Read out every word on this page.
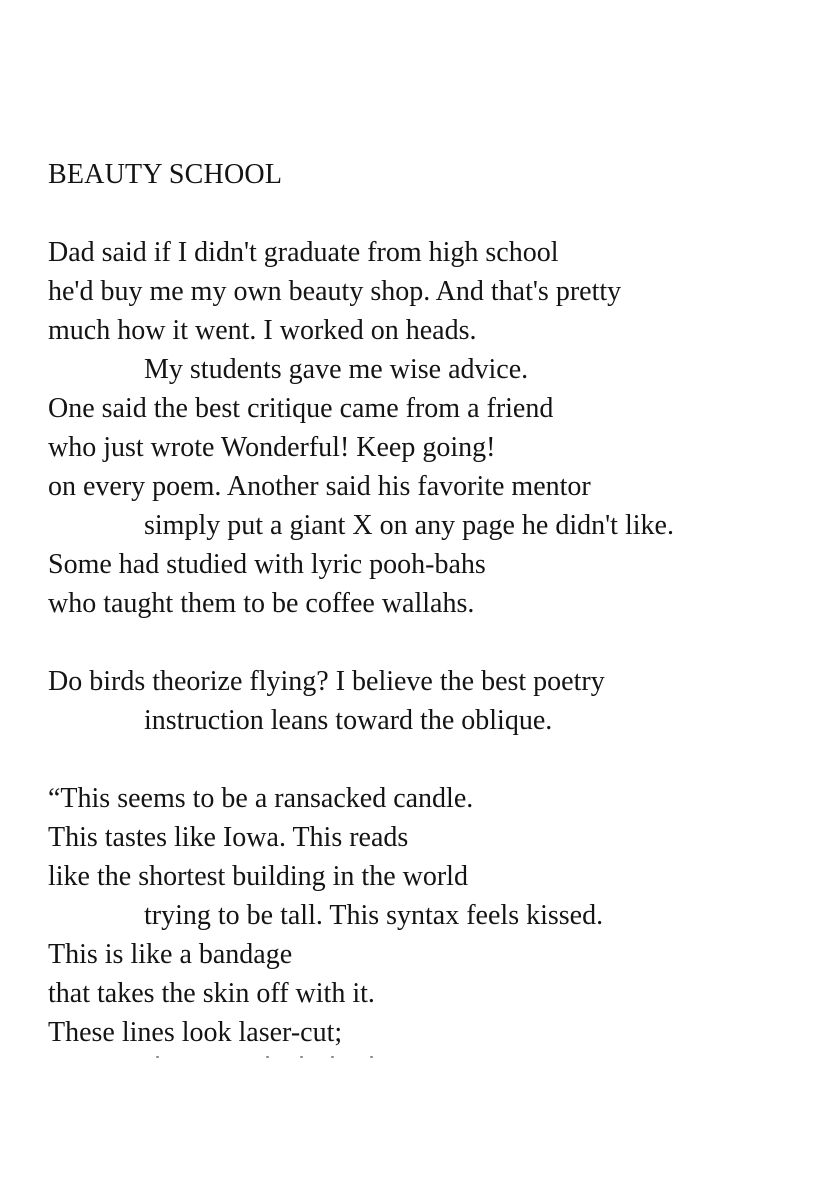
BEAUTY SCHOOL
Dad said if I didn't graduate from high school
he'd buy me my own beauty shop. And that's pretty
much how it went. I worked on heads.
My students gave me wise advice.
One said the best critique came from a friend
who just wrote Wonderful! Keep going!
on every poem. Another said his favorite mentor
simply put a giant X on any page he didn't like.
Some had studied with lyric pooh-bahs
who taught them to be coffee wallahs.
Do birds theorize flying? I believe the best poetry
instruction leans toward the oblique.
“This seems to be a ransacked candle.
This tastes like Iowa. This reads
like the shortest building in the world
trying to be tall. This syntax feels kissed.
This is like a bandage
that takes the skin off with it.
These lines look laser-cut;
